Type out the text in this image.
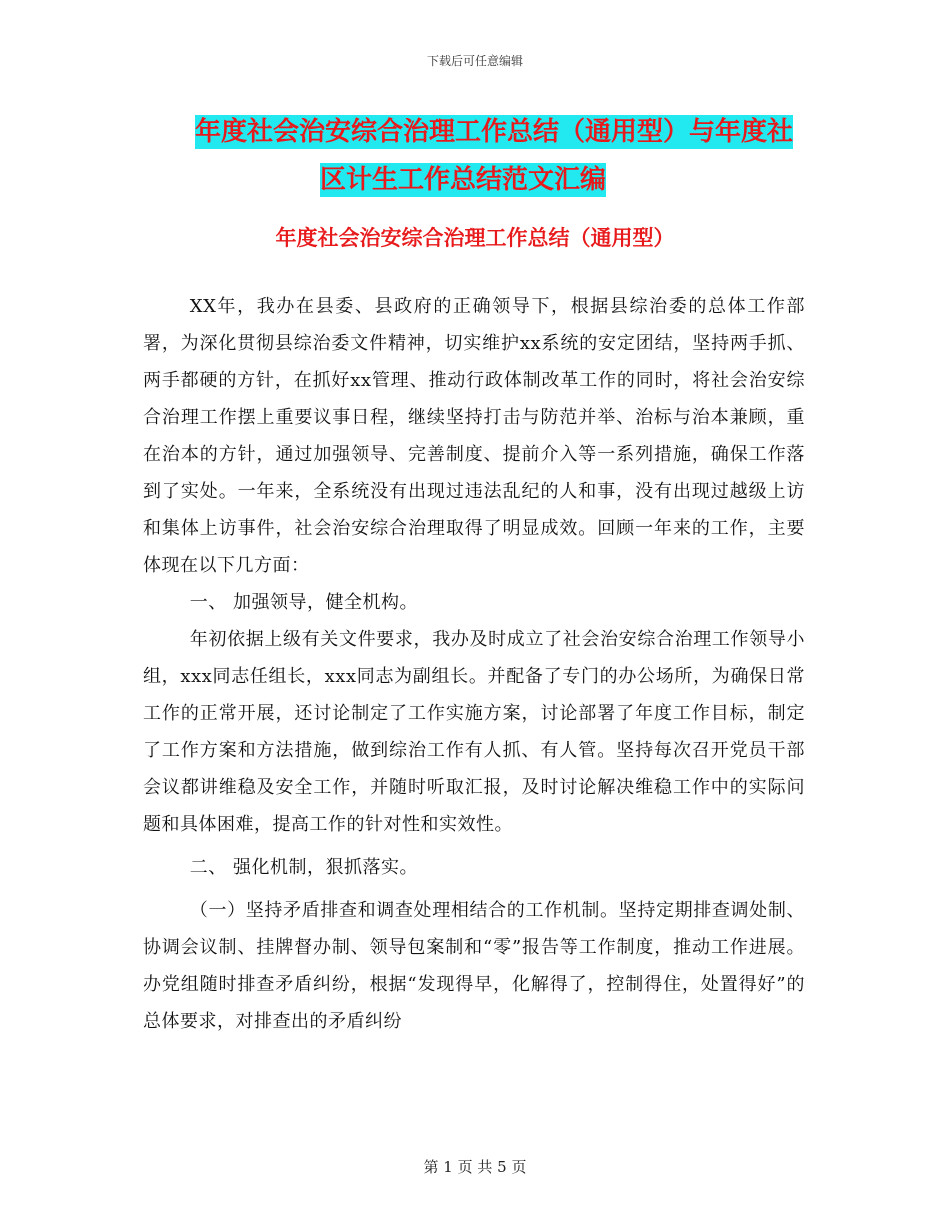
下载后可任意编辑
年度社会治安综合治理工作总结（通用型）与年度社
区计生工作总结范文汇编
年度社会治安综合治理工作总结（通用型）

XX年，我办在县委、县政府的正确领导下，根据县综治委的总体工作部署，为深化贯彻县综治委文件精神，切实维护xx系统的安定团结，坚持两手抓、两手都硬的方针，在抓好xx管理、推动行政体制改革工作的同时，将社会治安综合治理工作摆上重要议事日程，继续坚持打击与防范并举、治标与治本兼顾，重在治本的方针，通过加强领导、完善制度、提前介入等一系列措施，确保工作落到了实处。一年来，全系统没有出现过违法乱纪的人和事，没有出现过越级上访和集体上访事件，社会治安综合治理取得了明显成效。回顾一年来的工作，主要体现在以下几方面：

一、 加强领导，健全机构。

年初依据上级有关文件要求，我办及时成立了社会治安综合治理工作领导小组，xxx同志任组长，xxx同志为副组长。并配备了专门的办公场所，为确保日常工作的正常开展，还讨论制定了工作实施方案，讨论部署了年度工作目标，制定了工作方案和方法措施，做到综治工作有人抓、有人管。坚持每次召开党员干部会议都讲维稳及安全工作，并随时听取汇报，及时讨论解决维稳工作中的实际问题和具体困难，提高工作的针对性和实效性。

二、 强化机制，狠抓落实。

（一）坚持矛盾排查和调查处理相结合的工作机制。坚持定期排查调处制、协调会议制、挂牌督办制、领导包案制和“零”报告等工作制度，推动工作进展。办党组随时排查矛盾纠纷，根据“发现得早，化解得了，控制得住，处置得好”的总体要求，对排查出的矛盾纠纷

第 1 页 共 5 页
